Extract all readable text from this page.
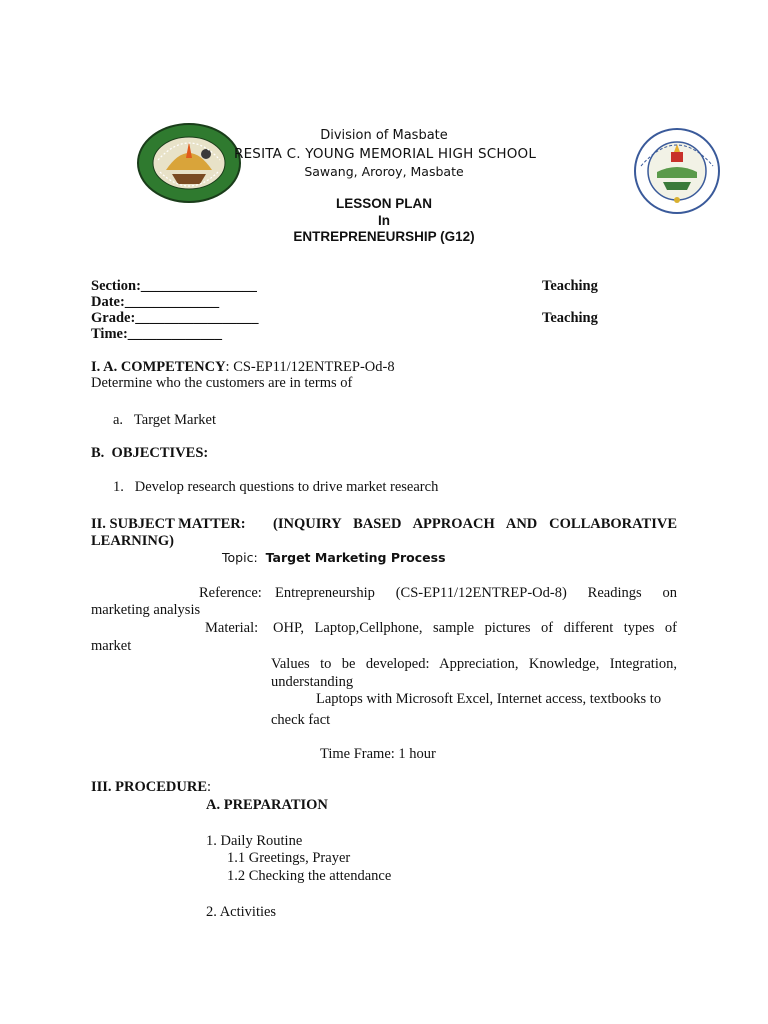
Division of Masbate
RESITA C. YOUNG MEMORIAL HIGH SCHOOL
Sawang, Aroroy, Masbate
LESSON PLAN
In
ENTREPRENEURSHIP (G12)
Section:________________
Date:_____________
Grade:_________________
Time:_____________
Teaching
Teaching
I. A. COMPETENCY: CS-EP11/12ENTREP-Od-8
Determine who the customers are in terms of
a.   Target Market
B.  OBJECTIVES:
1.   Develop research questions to drive market research
II. SUBJECT MATTER: (INQUIRY BASED APPROACH AND COLLABORATIVE
LEARNING)
Topic: Target Marketing Process
Reference: Entrepreneurship (CS-EP11/12ENTREP-Od-8) Readings on
marketing analysis
Material: OHP, Laptop,Cellphone, sample pictures of different types of
market
Values to be developed: Appreciation, Knowledge, Integration,
understanding
Laptops with Microsoft Excel, Internet access, textbooks to
check fact
Time Frame: 1 hour
III. PROCEDURE:
A. PREPARATION
1. Daily Routine
1.1 Greetings, Prayer
1.2 Checking the attendance
2. Activities
